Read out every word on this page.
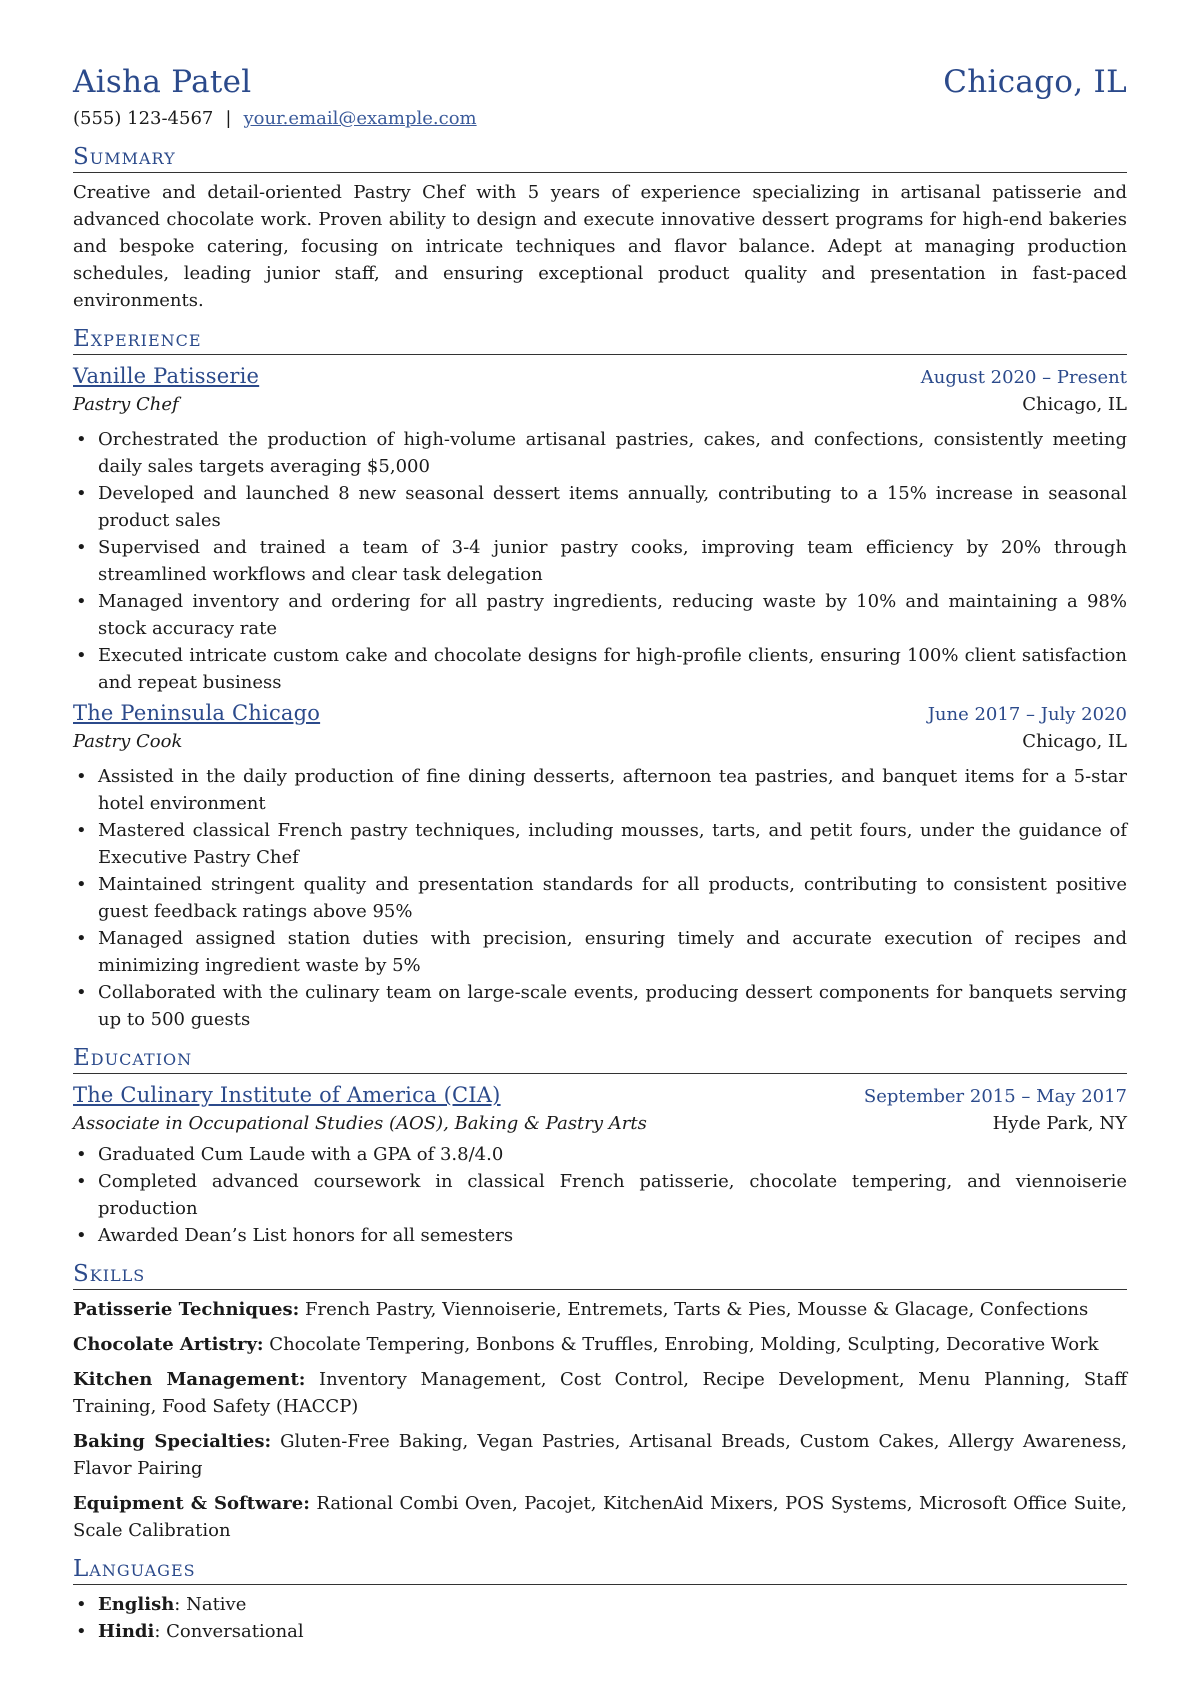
Aisha Patel	Chicago, IL
(555) 123-4567 | your.email@example.com
Summary

Creative and detail-oriented Pastry Chef with 5 years of experience specializing in artisanal patisserie and advanced chocolate work. Proven ability to design and execute innovative dessert programs for high-end bakeries and bespoke catering, focusing on intricate techniques and flavor balance. Adept at managing production schedules, leading junior staff, and ensuring exceptional product quality and presentation in fast-paced environments.

Experience
Vanille Patisserie	August 2020 – Present
Pastry Chef	Chicago, IL
• Orchestrated the production of high-volume artisanal pastries, cakes, and confections, consistently meeting daily sales targets averaging $5,000
• Developed and launched 8 new seasonal dessert items annually, contributing to a 15% increase in seasonal product sales
• Supervised and trained a team of 3-4 junior pastry cooks, improving team efficiency by 20% through streamlined workflows and clear task delegation
• Managed inventory and ordering for all pastry ingredients, reducing waste by 10% and maintaining a 98% stock accuracy rate
• Executed intricate custom cake and chocolate designs for high-profile clients, ensuring 100% client satisfaction and repeat business
The Peninsula Chicago	June 2017 – July 2020
Pastry Cook	Chicago, IL
• Assisted in the daily production of fine dining desserts, afternoon tea pastries, and banquet items for a 5-star hotel environment
• Mastered classical French pastry techniques, including mousses, tarts, and petit fours, under the guidance of Executive Pastry Chef
• Maintained stringent quality and presentation standards for all products, contributing to consistent positive guest feedback ratings above 95%
• Managed assigned station duties with precision, ensuring timely and accurate execution of recipes and minimizing ingredient waste by 5%
• Collaborated with the culinary team on large-scale events, producing dessert components for banquets serving up to 500 guests
Education
The Culinary Institute of America (CIA)	September 2015 – May 2017
Associate in Occupational Studies (AOS), Baking & Pastry Arts	Hyde Park, NY
• Graduated Cum Laude with a GPA of 3.8/4.0
• Completed advanced coursework in classical French patisserie, chocolate tempering, and viennoiserie production
• Awarded Dean’s List honors for all semesters
Skills

Patisserie Techniques: French Pastry, Viennoiserie, Entremets, Tarts & Pies, Mousse & Glacage, Confections

Chocolate Artistry: Chocolate Tempering, Bonbons & Truffles, Enrobing, Molding, Sculpting, Decorative Work

Kitchen Management: Inventory Management, Cost Control, Recipe Development, Menu Planning, Staff Training, Food Safety (HACCP)

Baking Specialties: Gluten-Free Baking, Vegan Pastries, Artisanal Breads, Custom Cakes, Allergy Awareness, Flavor Pairing

Equipment & Software: Rational Combi Oven, Pacojet, KitchenAid Mixers, POS Systems, Microsoft Office Suite, Scale Calibration

Languages
• English: Native
• Hindi: Conversational
